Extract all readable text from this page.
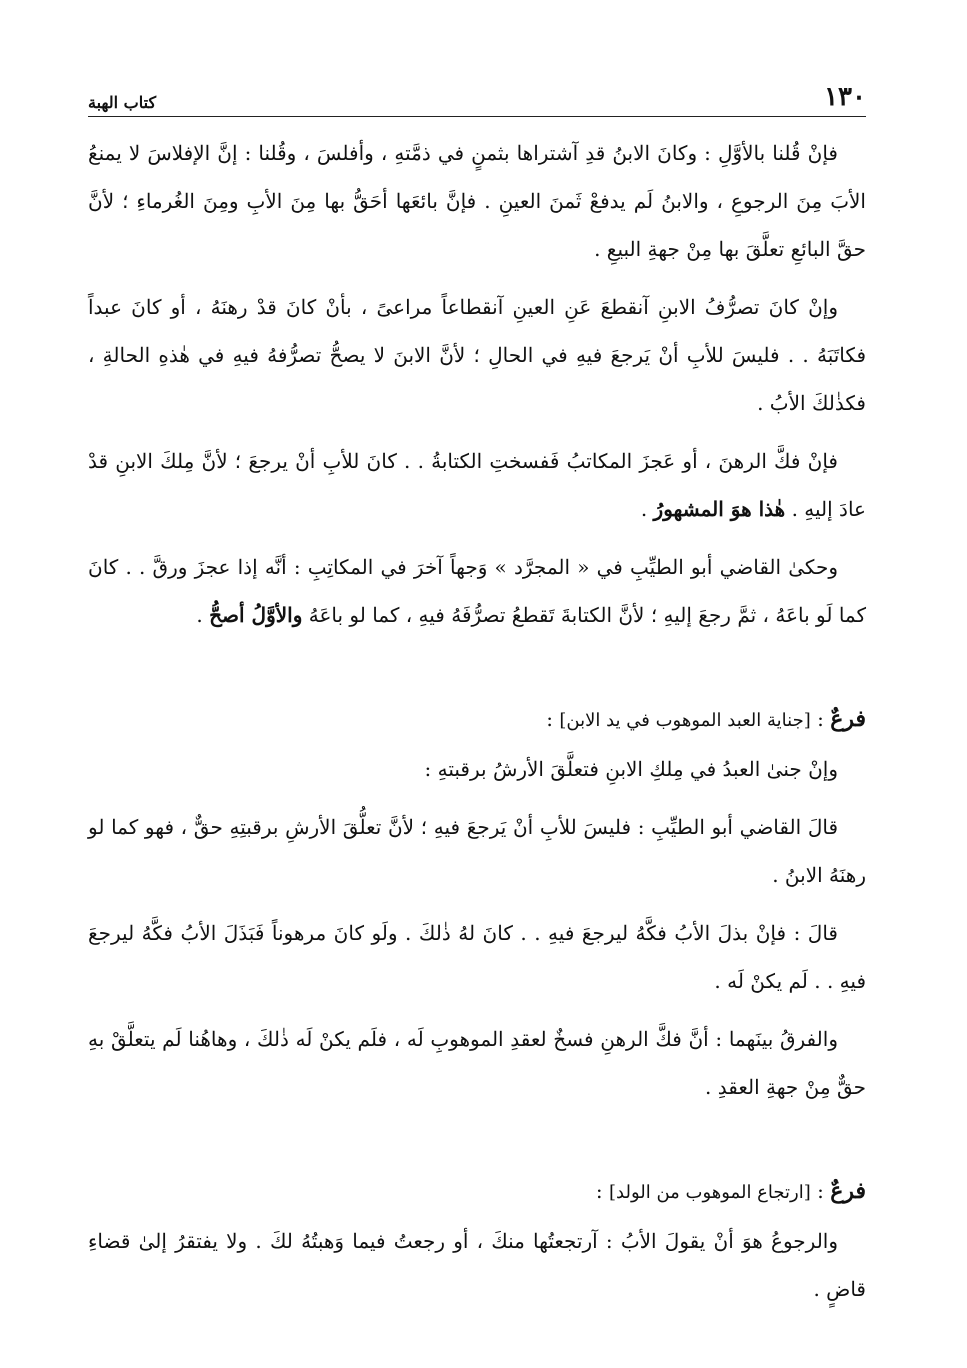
١٣٠
كتاب الهبة

فإنْ قُلنا بالأوَّلِ : وكانَ الابنُ قدِ آشتراها بثمنٍ في ذمَّتهِ ، وأفلسَ ، وقُلنا : إنَّ الإفلاسَ لا يمنعُ الأبَ مِنَ الرجوعِ ، والابنُ لَم يدفعْ ثَمنَ العينِ . فإنَّ بائعَها أحَقُّ بها مِنَ الأبِ ومِنَ الغُرماءِ ؛ لأنَّ حقَّ البائعِ تعلَّقَ بها مِنْ جهةِ البيعِ .

وإنْ كانَ تصرُّفُ الابنِ آنقطعَ عَنِ العينِ آنقطاعاً مراعىً ، بأنْ كانَ قدْ رهنَهُ ، أو كانَ عبداً فكاتَبَهُ . . فليسَ للأبِ أنْ يَرجعَ فيهِ في الحالِ ؛ لأنَّ الابنَ لا يصحُّ تصرُّفهُ فيهِ في هٰذهِ الحالةِ ، فكذٰلكَ الأبُ .

فإنْ فكَّ الرهنَ ، أو عَجزَ المكاتبُ فَفسختِ الكتابةُ . . كانَ للأبِ أنْ يرجعَ ؛ لأنَّ مِلكَ الابنِ قدْ عادَ إليهِ . هٰذا هوَ المشهورُ .

وحكىٰ القاضي أبو الطيِّبِ في « المجرَّد » وَجهاً آخرَ في المكاتِبِ : أنَّه إذا عجزَ ورقَّ . . كانَ كما لَو باعَهُ ، ثمَّ رجعَ إليهِ ؛ لأنَّ الكتابةَ تَقطعُ تصرُّفَهُ فيهِ ، كما لو باعَهُ والأوَّلُ أصحُّ .

فرعٌ : [جناية العبد الموهوب في يد الابن] :

وإنْ جنىٰ العبدُ في مِلكِ الابنِ فتعلَّقَ الأرشُ برقبتهِ :

قالَ القاضي أبو الطيِّبِ : فليسَ للأبِ أنْ يَرجعَ فيهِ ؛ لأنَّ تعلُّقَ الأرشِ برقبتِهِ حقٌّ ، فهو كما لو رهنَهُ الابنُ .

قالَ : فإنْ بذلَ الأبُ فكَّهُ ليرجعَ فيهِ . . كانَ لهُ ذٰلكَ . ولَو كانَ مرهوناً فَبَذَلَ الأبُ فكَّهُ ليرجعَ فيهِ . . لَم يكنْ لَه .

والفرقُ بينَهما : أنَّ فكَّ الرهنِ فسخٌ لعقدِ الموهوبِ لَه ، فلَم يكنْ لَه ذٰلكَ ، وهاهُنا لَم يتعلَّقْ بهِ حقٌّ مِنْ جهةِ العقدِ .

فرعٌ : [ارتجاع الموهوب من الولد] :

والرجوعُ هوَ أنْ يقولَ الأبُ : آرتجعتُها منكَ ، أو رجعتُ فيما وَهبتُهُ لكَ . ولا يفتقرُ إلىٰ قضاءِ قاضٍ .
